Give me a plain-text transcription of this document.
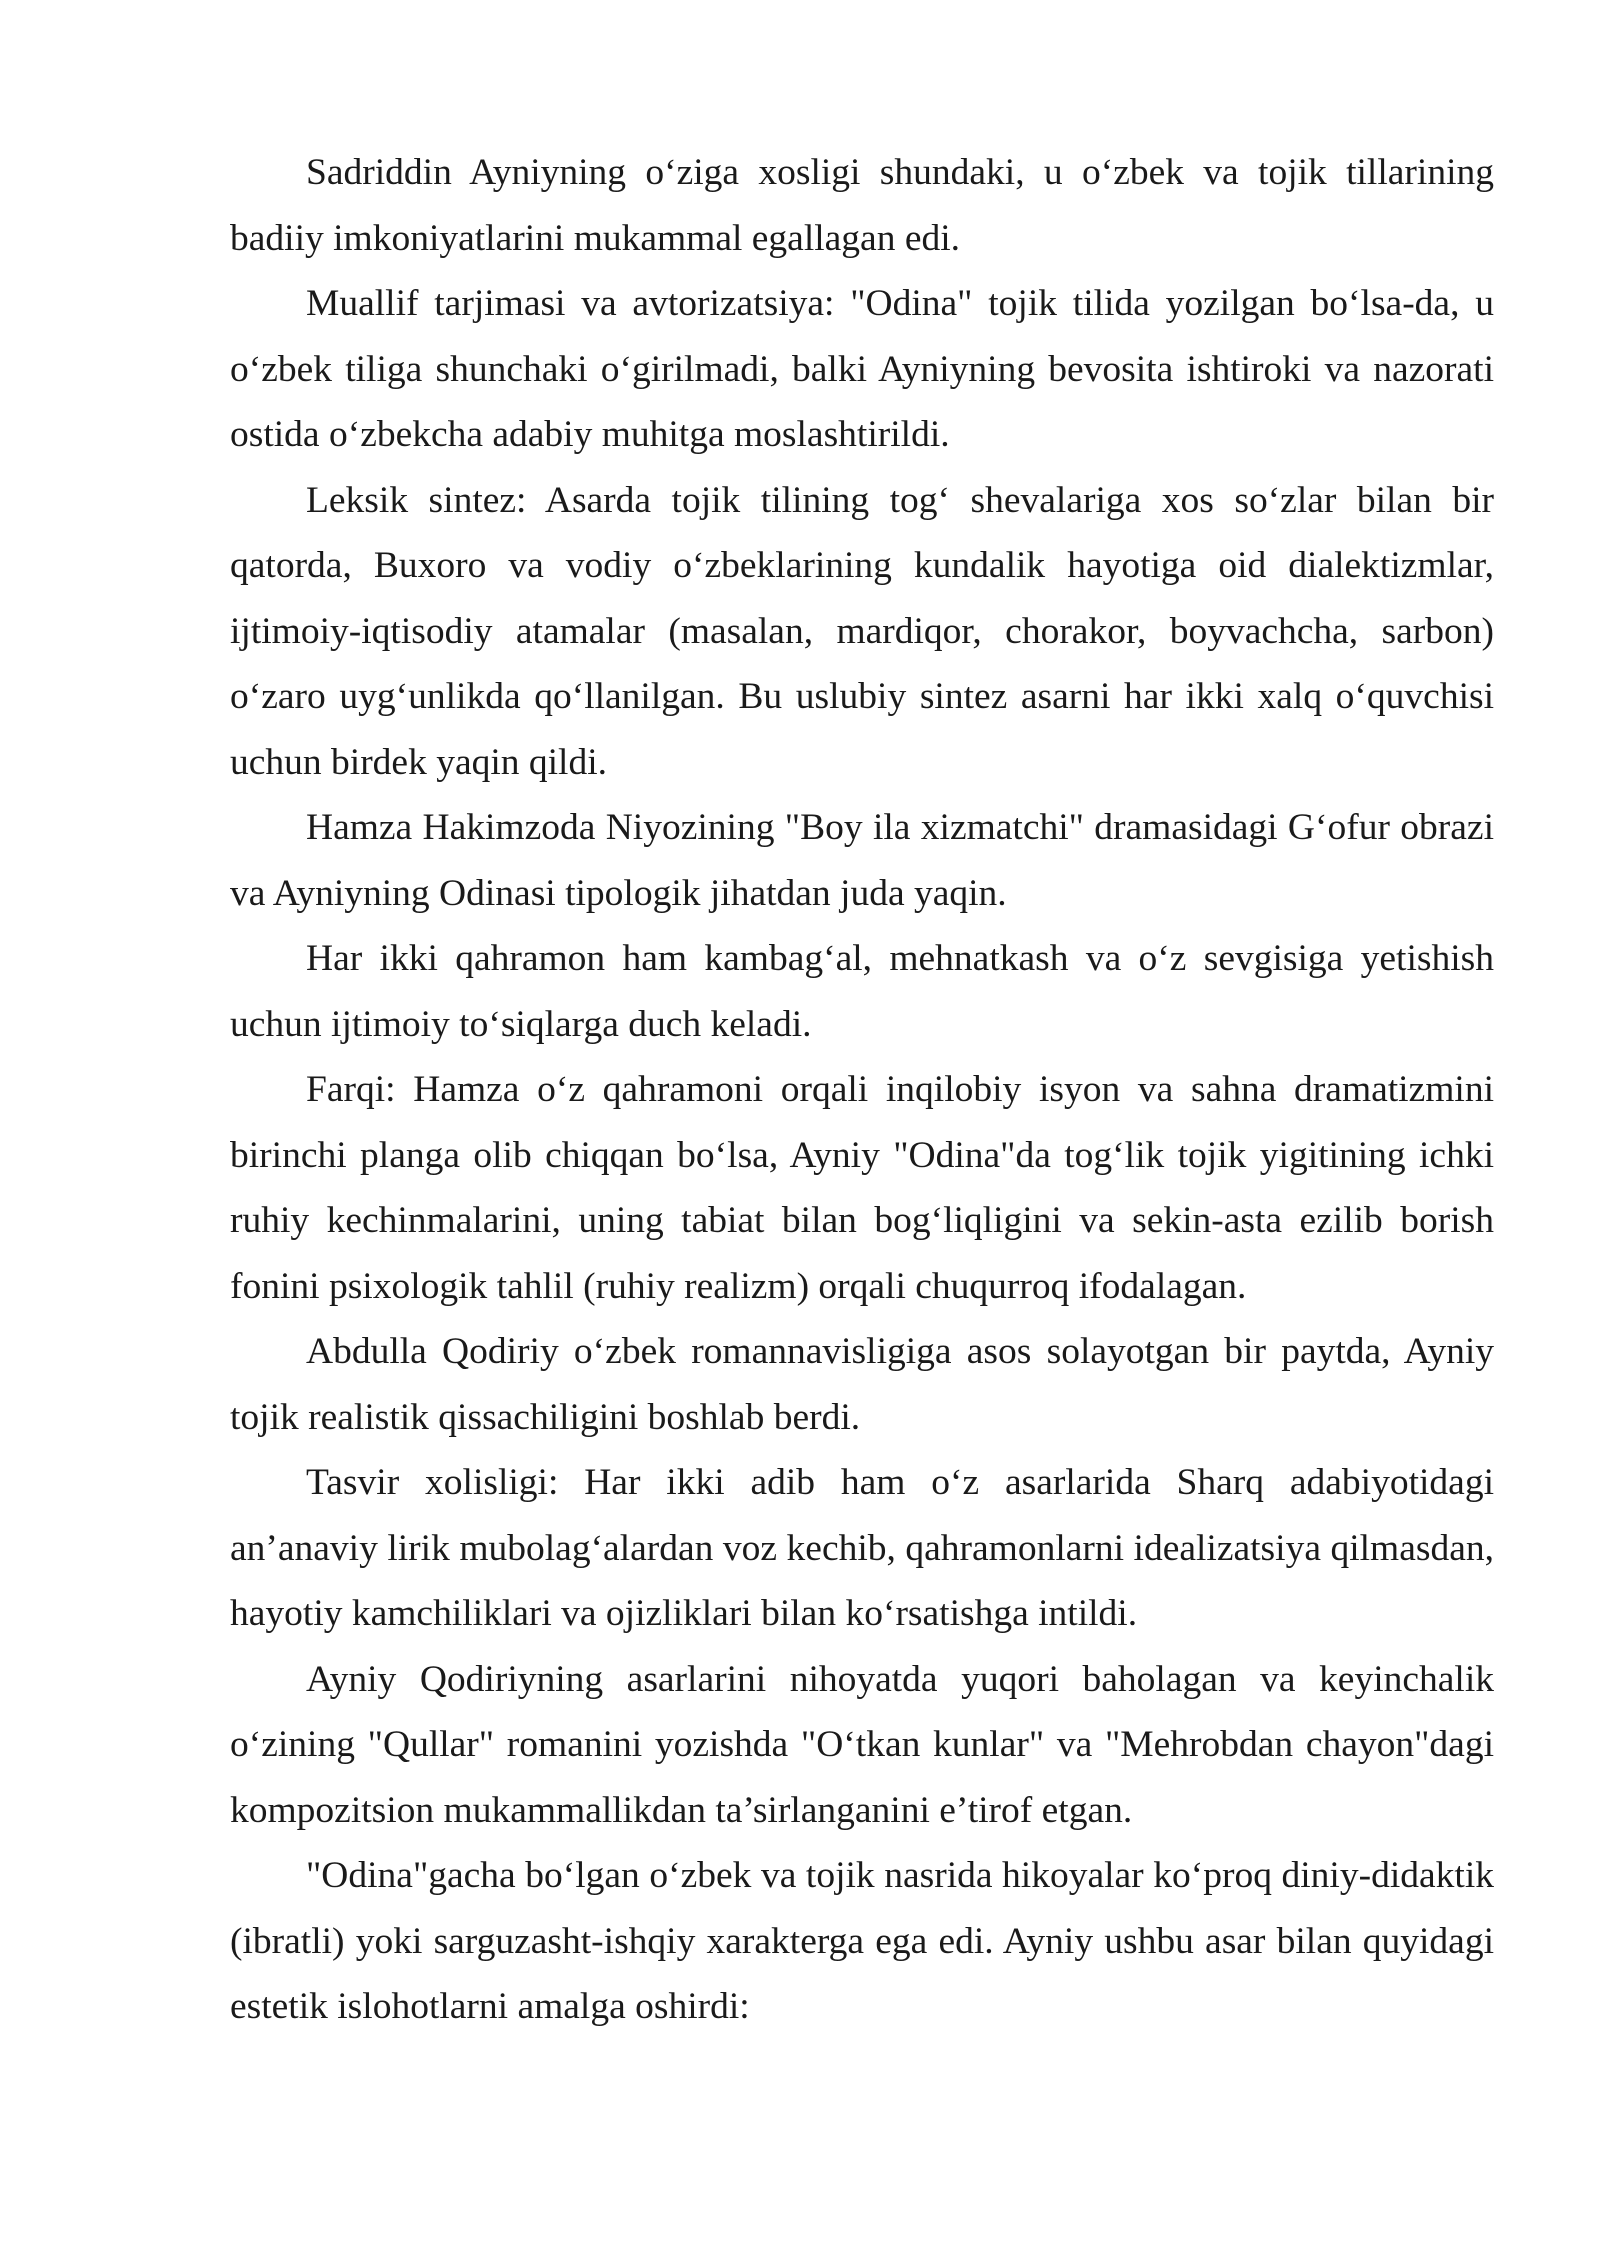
Sadriddin Ayniyning o‘ziga xosligi shundaki, u o‘zbek va tojik tillarining badiiy imkoniyatlarini mukammal egallagan edi.

Muallif tarjimasi va avtorizatsiya: "Odina" tojik tilida yozilgan bo‘lsa-da, u o‘zbek tiliga shunchaki o‘girilmadi, balki Ayniyning bevosita ishtiroki va nazorati ostida o‘zbekcha adabiy muhitga moslashtirildi.

Leksik sintez: Asarda tojik tilining tog‘ shevalariga xos so‘zlar bilan bir qatorda, Buxoro va vodiy o‘zbeklarining kundalik hayotiga oid dialektizmlar, ijtimoiy-iqtisodiy atamalar (masalan, mardiqor, chorakor, boyvachcha, sarbon) o‘zaro uyg‘unlikda qo‘llanilgan. Bu uslubiy sintez asarni har ikki xalq o‘quvchisi uchun birdek yaqin qildi.

Hamza Hakimzoda Niyozining "Boy ila xizmatchi" dramasidagi G‘ofur obrazi va Ayniyning Odinasi tipologik jihatdan juda yaqin.

Har ikki qahramon ham kambag‘al, mehnatkash va o‘z sevgisiga yetishish uchun ijtimoiy to‘siqlarga duch keladi.

Farqi: Hamza o‘z qahramoni orqali inqilobiy isyon va sahna dramatizmini birinchi planga olib chiqqan bo‘lsa, Ayniy "Odina"da tog‘lik tojik yigitining ichki ruhiy kechinmalarini, uning tabiat bilan bog‘liqligini va sekin-asta ezilib borish fonini psixologik tahlil (ruhiy realizm) orqali chuqurroq ifodalagan.

Abdulla Qodiriy o‘zbek romannavisligiga asos solayotgan bir paytda, Ayniy tojik realistik qissachiligini boshlab berdi.

Tasvir xolisligi: Har ikki adib ham o‘z asarlarida Sharq adabiyotidagi an’anaviy lirik mubolag‘alardan voz kechib, qahramonlarni idealizatsiya qilmasdan, hayotiy kamchiliklari va ojizliklari bilan ko‘rsatishga intildi.

Ayniy Qodiriyning asarlarini nihoyatda yuqori baholagan va keyinchalik o‘zining "Qullar" romanini yozishda "O‘tkan kunlar" va "Mehrobdan chayon"dagi kompozitsion mukammallikdan ta’sirlanganini e’tirof etgan.

"Odina"gacha bo‘lgan o‘zbek va tojik nasrida hikoyalar ko‘proq diniy-didaktik (ibratli) yoki sarguzasht-ishqiy xarakterga ega edi. Ayniy ushbu asar bilan quyidagi estetik islohotlarni amalga oshirdi:
